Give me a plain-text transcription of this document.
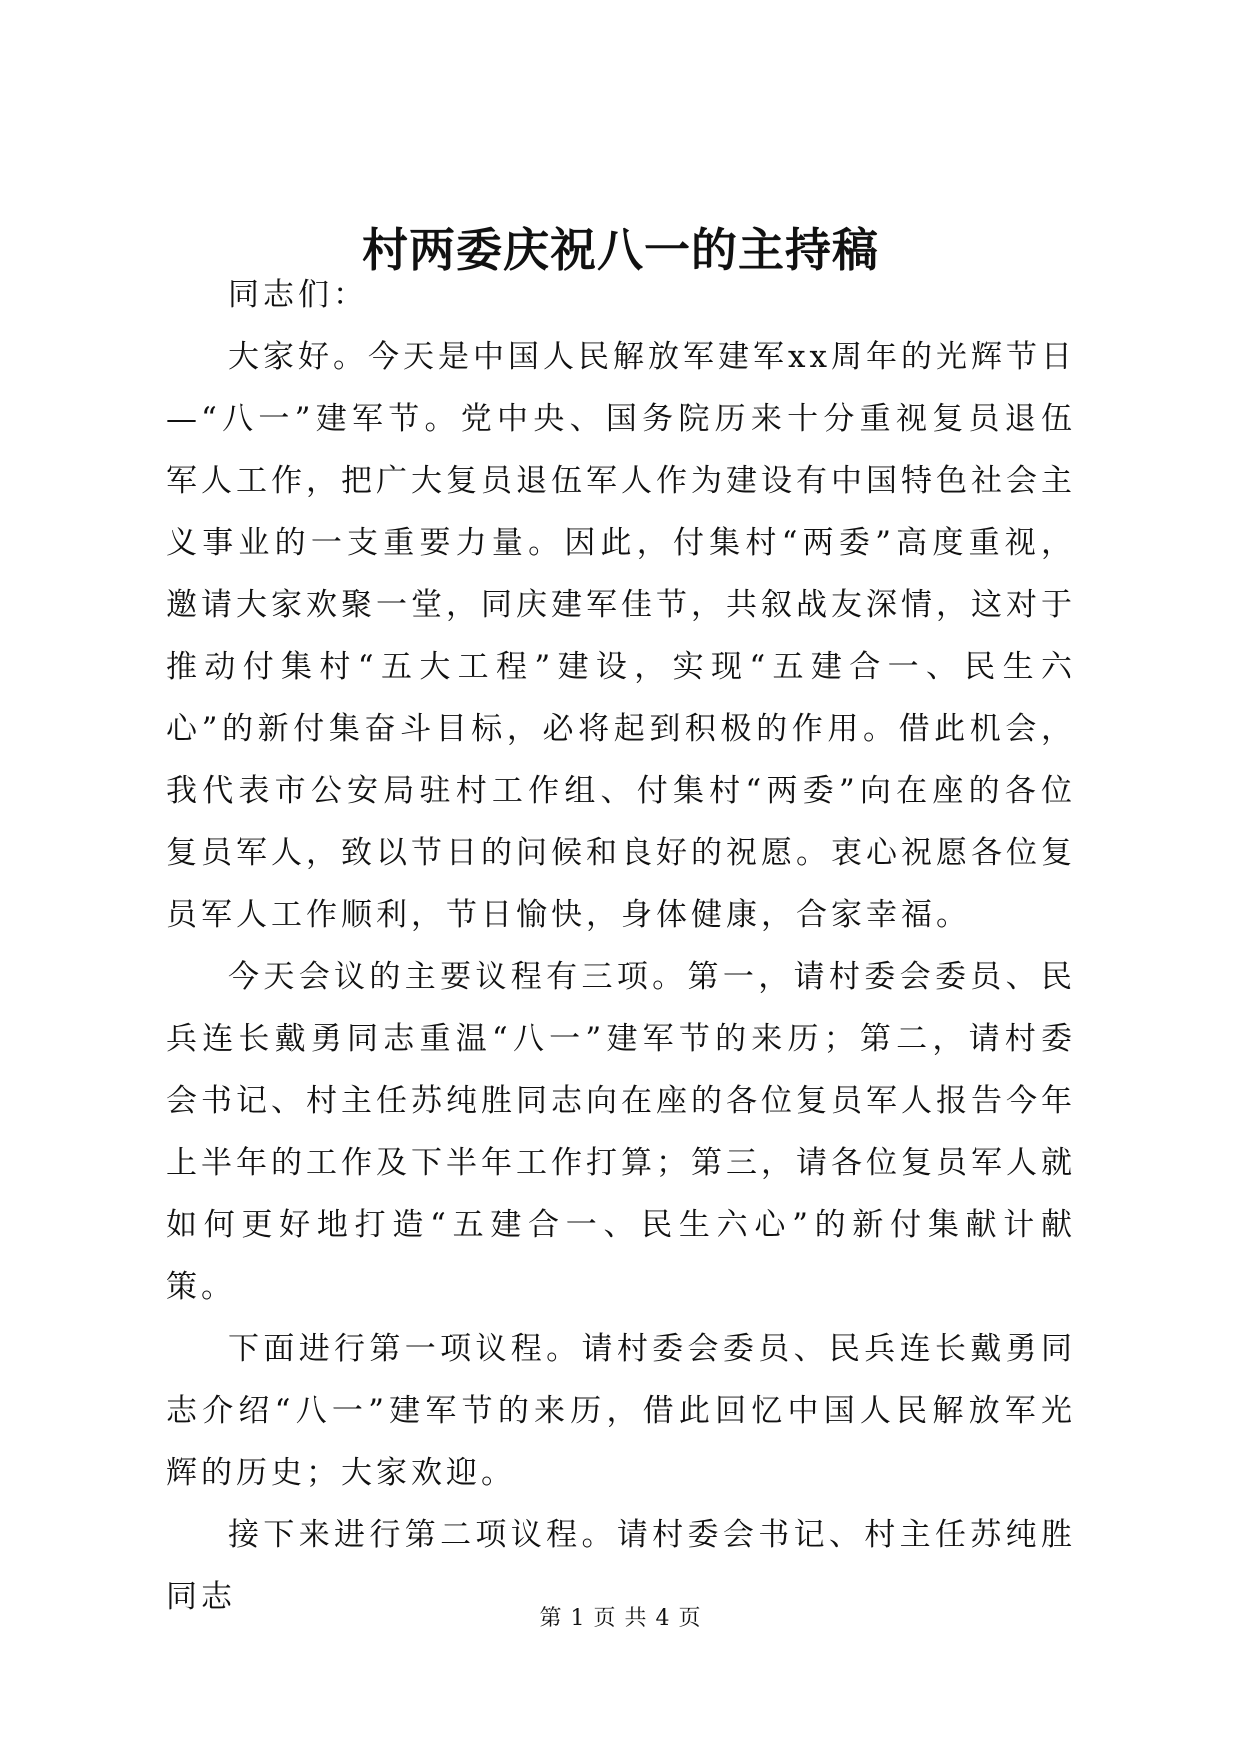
村两委庆祝八一的主持稿

同志们：

大家好。今天是中国人民解放军建军xx周年的光辉节日—“八一”建军节。党中央、国务院历来十分重视复员退伍军人工作，把广大复员退伍军人作为建设有中国特色社会主义事业的一支重要力量。因此，付集村“两委”高度重视，邀请大家欢聚一堂，同庆建军佳节，共叙战友深情，这对于推动付集村“五大工程”建设，实现“五建合一、民生六心”的新付集奋斗目标，必将起到积极的作用。借此机会，我代表市公安局驻村工作组、付集村“两委”向在座的各位复员军人，致以节日的问候和良好的祝愿。衷心祝愿各位复员军人工作顺利，节日愉快，身体健康，合家幸福。

今天会议的主要议程有三项。第一，请村委会委员、民兵连长戴勇同志重温“八一”建军节的来历；第二，请村委会书记、村主任苏纯胜同志向在座的各位复员军人报告今年上半年的工作及下半年工作打算；第三，请各位复员军人就如何更好地打造“五建合一、民生六心”的新付集献计献策。

下面进行第一项议程。请村委会委员、民兵连长戴勇同志介绍“八一”建军节的来历，借此回忆中国人民解放军光辉的历史；大家欢迎。

接下来进行第二项议程。请村委会书记、村主任苏纯胜同志

第 1 页 共 4 页
